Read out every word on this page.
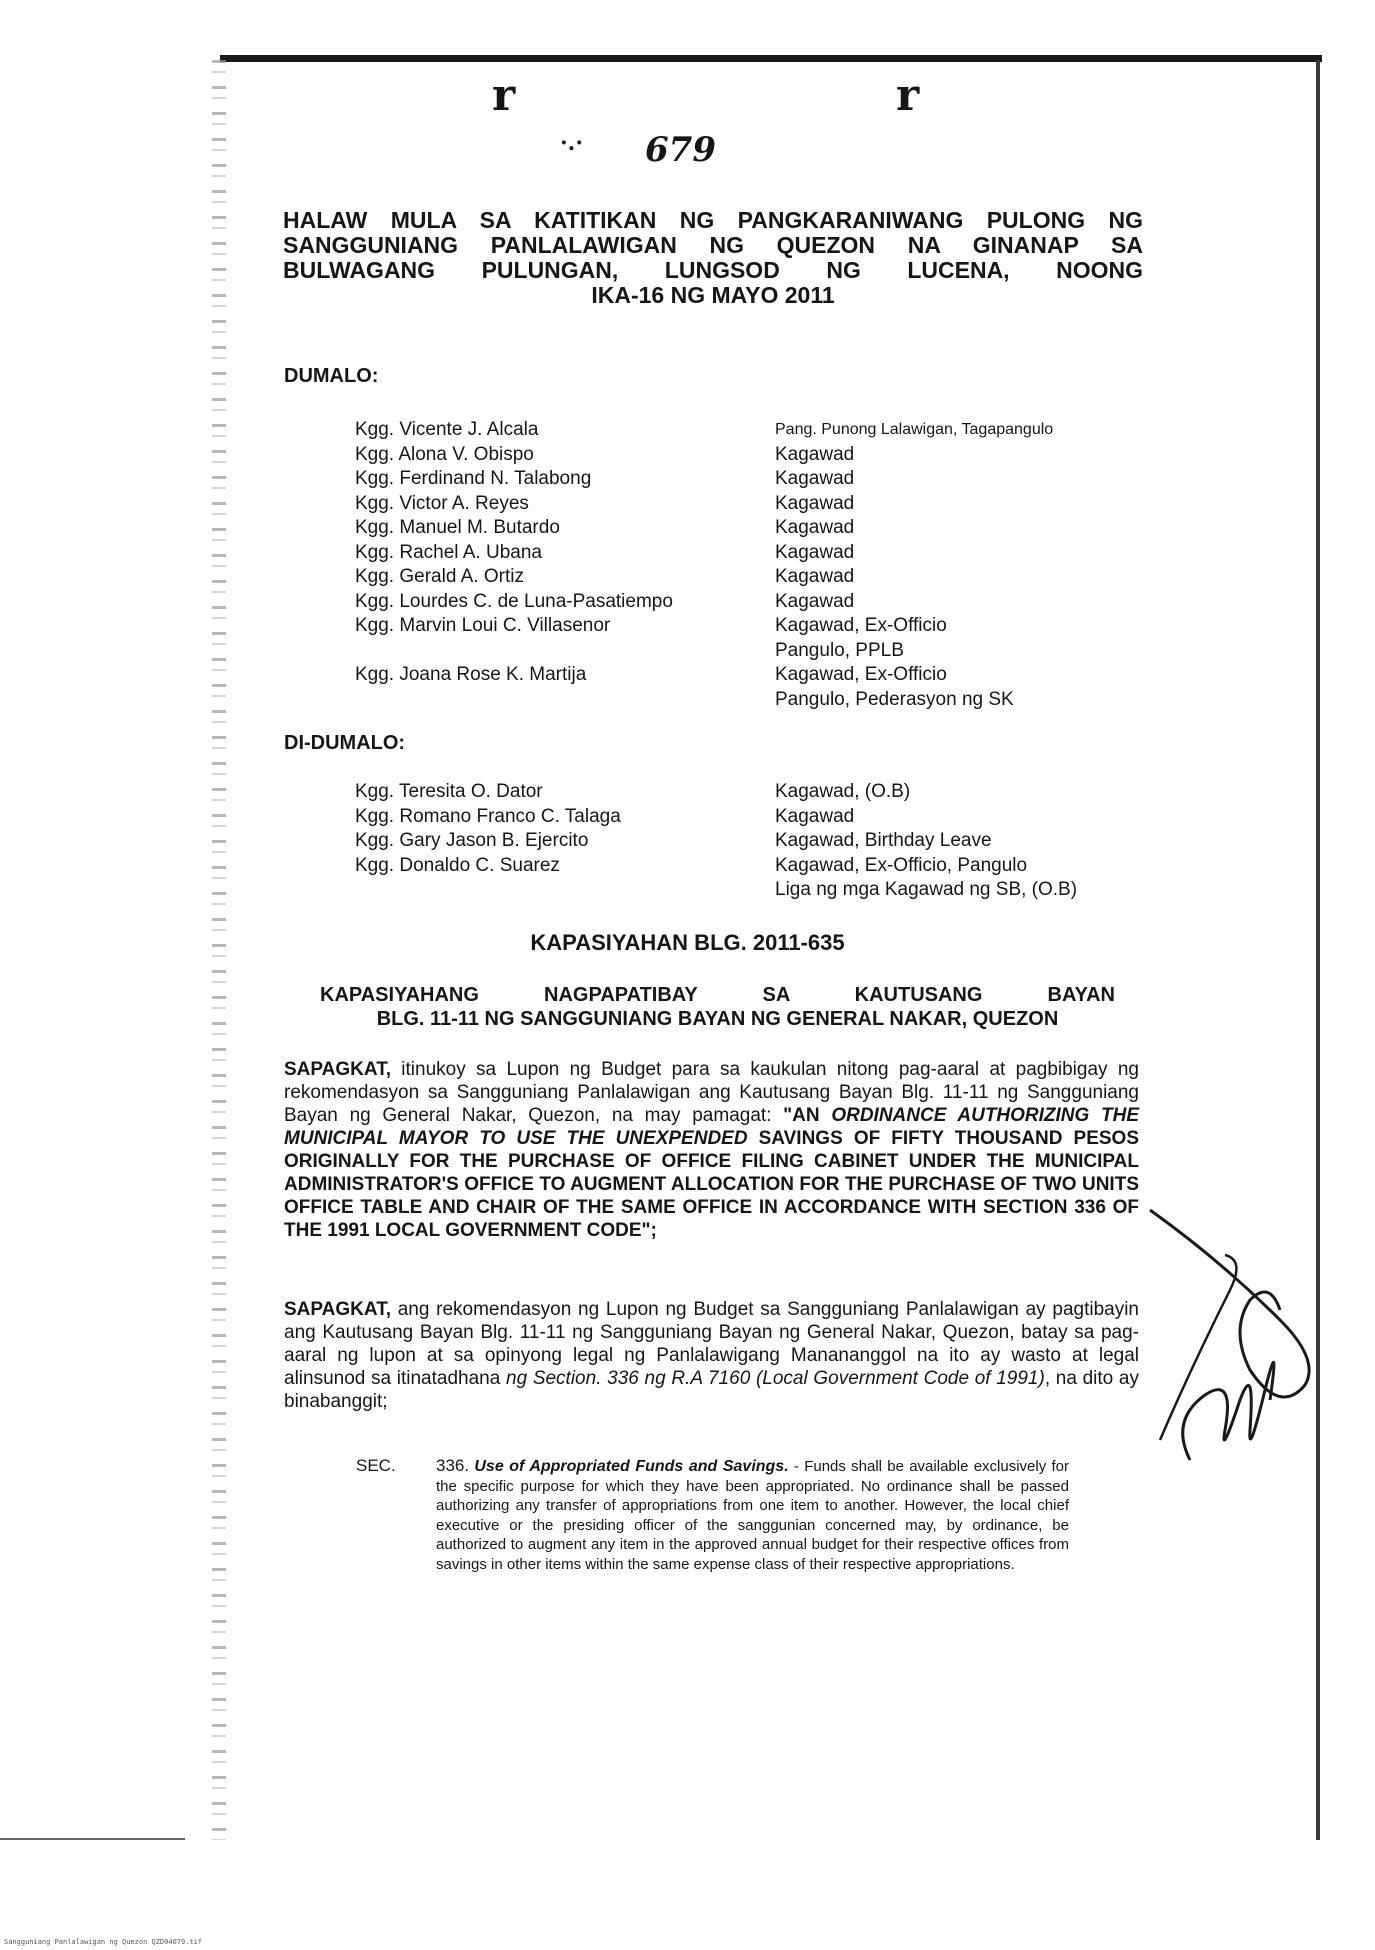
r	r
·.· 679
HALAW MULA SA KATITIKAN NG PANGKARANIWANG PULONG NG
SANGGUNIANG PANLALAWIGAN NG QUEZON NA GINANAP SA
BULWAGANG PULUNGAN, LUNGSOD NG LUCENA, NOONG
IKA-16 NG MAYO 2011
DUMALO:
Kgg. Vicente J. Alcala	Pang. Punong Lalawigan, Tagapangulo
Kgg. Alona V. Obispo	Kagawad
Kgg. Ferdinand N. Talabong	Kagawad
Kgg. Victor A. Reyes	Kagawad
Kgg. Manuel M. Butardo	Kagawad
Kgg. Rachel A. Ubana	Kagawad
Kgg. Gerald A. Ortiz	Kagawad
Kgg. Lourdes C. de Luna-Pasatiempo	Kagawad
Kgg. Marvin Loui C. Villasenor	Kagawad, Ex-Officio
Pangulo, PPLB
Kgg. Joana Rose K. Martija	Kagawad, Ex-Officio
Pangulo, Pederasyon ng SK
DI-DUMALO:
Kgg. Teresita O. Dator	Kagawad, (O.B)
Kgg. Romano Franco C. Talaga	Kagawad
Kgg. Gary Jason B. Ejercito	Kagawad, Birthday Leave
Kgg. Donaldo C. Suarez	Kagawad, Ex-Officio, Pangulo
Liga ng mga Kagawad ng SB, (O.B)
KAPASIYAHAN BLG. 2011-635
KAPASIYAHANG NAGPAPATIBAY SA KAUTUSANG BAYAN
BLG. 11-11 NG SANGGUNIANG BAYAN NG GENERAL NAKAR, QUEZON
SAPAGKAT, itinukoy sa Lupon ng Budget para sa kaukulan nitong pag-aaral at pagbibigay ng rekomendasyon sa Sangguniang Panlalawigan ang Kautusang Bayan Blg. 11-11 ng Sangguniang Bayan ng General Nakar, Quezon, na may pamagat: "AN ORDINANCE AUTHORIZING THE MUNICIPAL MAYOR TO USE THE UNEXPENDED SAVINGS OF FIFTY THOUSAND PESOS ORIGINALLY FOR THE PURCHASE OF OFFICE FILING CABINET UNDER THE MUNICIPAL ADMINISTRATOR'S OFFICE TO AUGMENT ALLOCATION FOR THE PURCHASE OF TWO UNITS OFFICE TABLE AND CHAIR OF THE SAME OFFICE IN ACCORDANCE WITH SECTION 336 OF THE 1991 LOCAL GOVERNMENT CODE";
SAPAGKAT, ang rekomendasyon ng Lupon ng Budget sa Sangguniang Panlalawigan ay pagtibayin ang Kautusang Bayan Blg. 11-11 ng Sangguniang Bayan ng General Nakar, Quezon, batay sa pag-aaral ng lupon at sa opinyong legal ng Panlalawigang Manananggol na ito ay wasto at legal alinsunod sa itinatadhana ng Section. 336 ng R.A 7160 (Local Government Code of 1991), na dito ay binabanggit;
SEC. 336. Use of Appropriated Funds and Savings. - Funds shall be available exclusively for the specific purpose for which they have been appropriated. No ordinance shall be passed authorizing any transfer of appropriations from one item to another. However, the local chief executive or the presiding officer of the sanggunian concerned may, by ordinance, be authorized to augment any item in the approved annual budget for their respective offices from savings in other items within the same expense class of their respective appropriations.
Sangguniang Panlalawigan ng Quezon QZD04079.tif
